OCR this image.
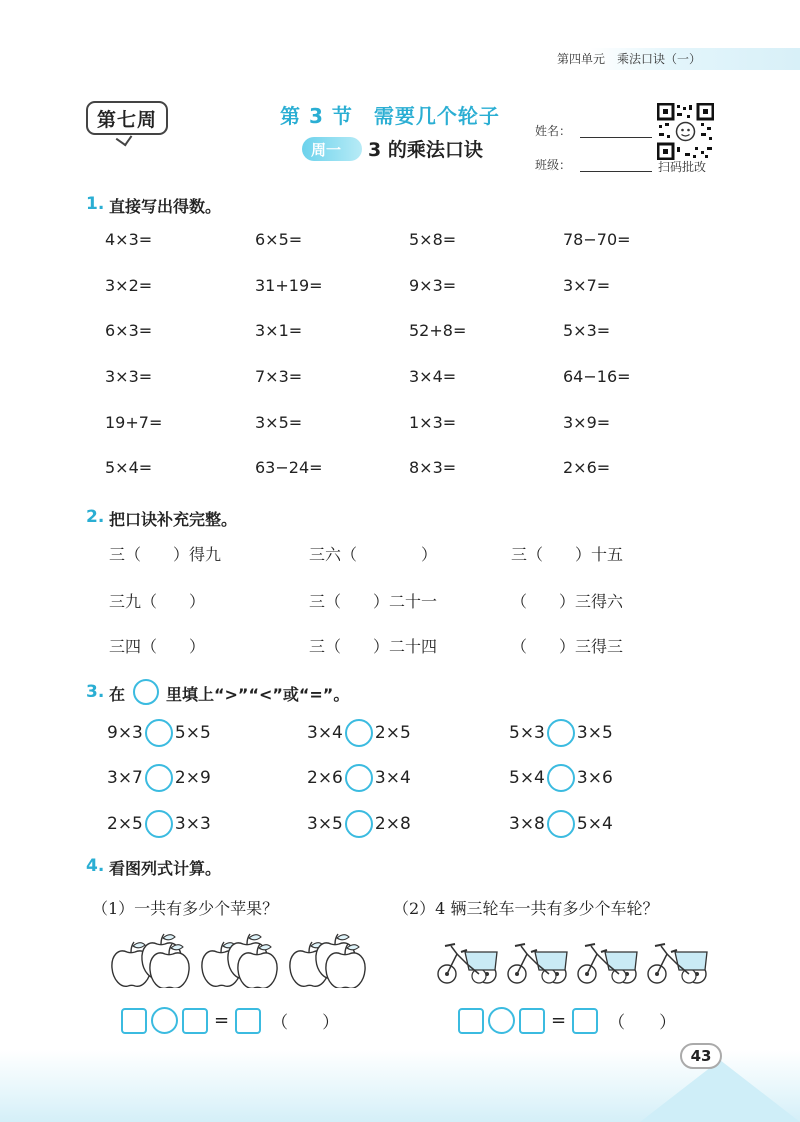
第四单元　乘法口诀（一）
第七周	第 3 节　需要几个轮子
周一	3 的乘法口诀
姓名：
班级：	扫码批改
1. 直接写出得数。
4×3=	6×5=	5×8=	78−70=
3×2=	31+19=	9×3=	3×7=
6×3=	3×1=	52+8=	5×3=
3×3=	7×3=	3×4=	64−16=
19+7=	3×5=	1×3=	3×9=
5×4=	63−24=	8×3=	2×6=
2. 把口诀补充完整。
三（　　）得九	三六（　　　　）	三（　　）十五
三九（　　）	三（　　）二十一	（　　）三得六
三四（　　）	三（　　）二十四	（　　）三得三
3. 在	里填上“>”“<”或“=”。
9×3 5×5	3×4 2×5	5×3 3×5
3×7 2×9	2×6 3×4	5×4 3×6
2×5 3×3	3×5 2×8	3×8 5×4
4. 看图列式计算。
（1）一共有多少个苹果？	（2）4 辆三轮车一共有多少个车轮？
= （　　）	= （　　）
43
